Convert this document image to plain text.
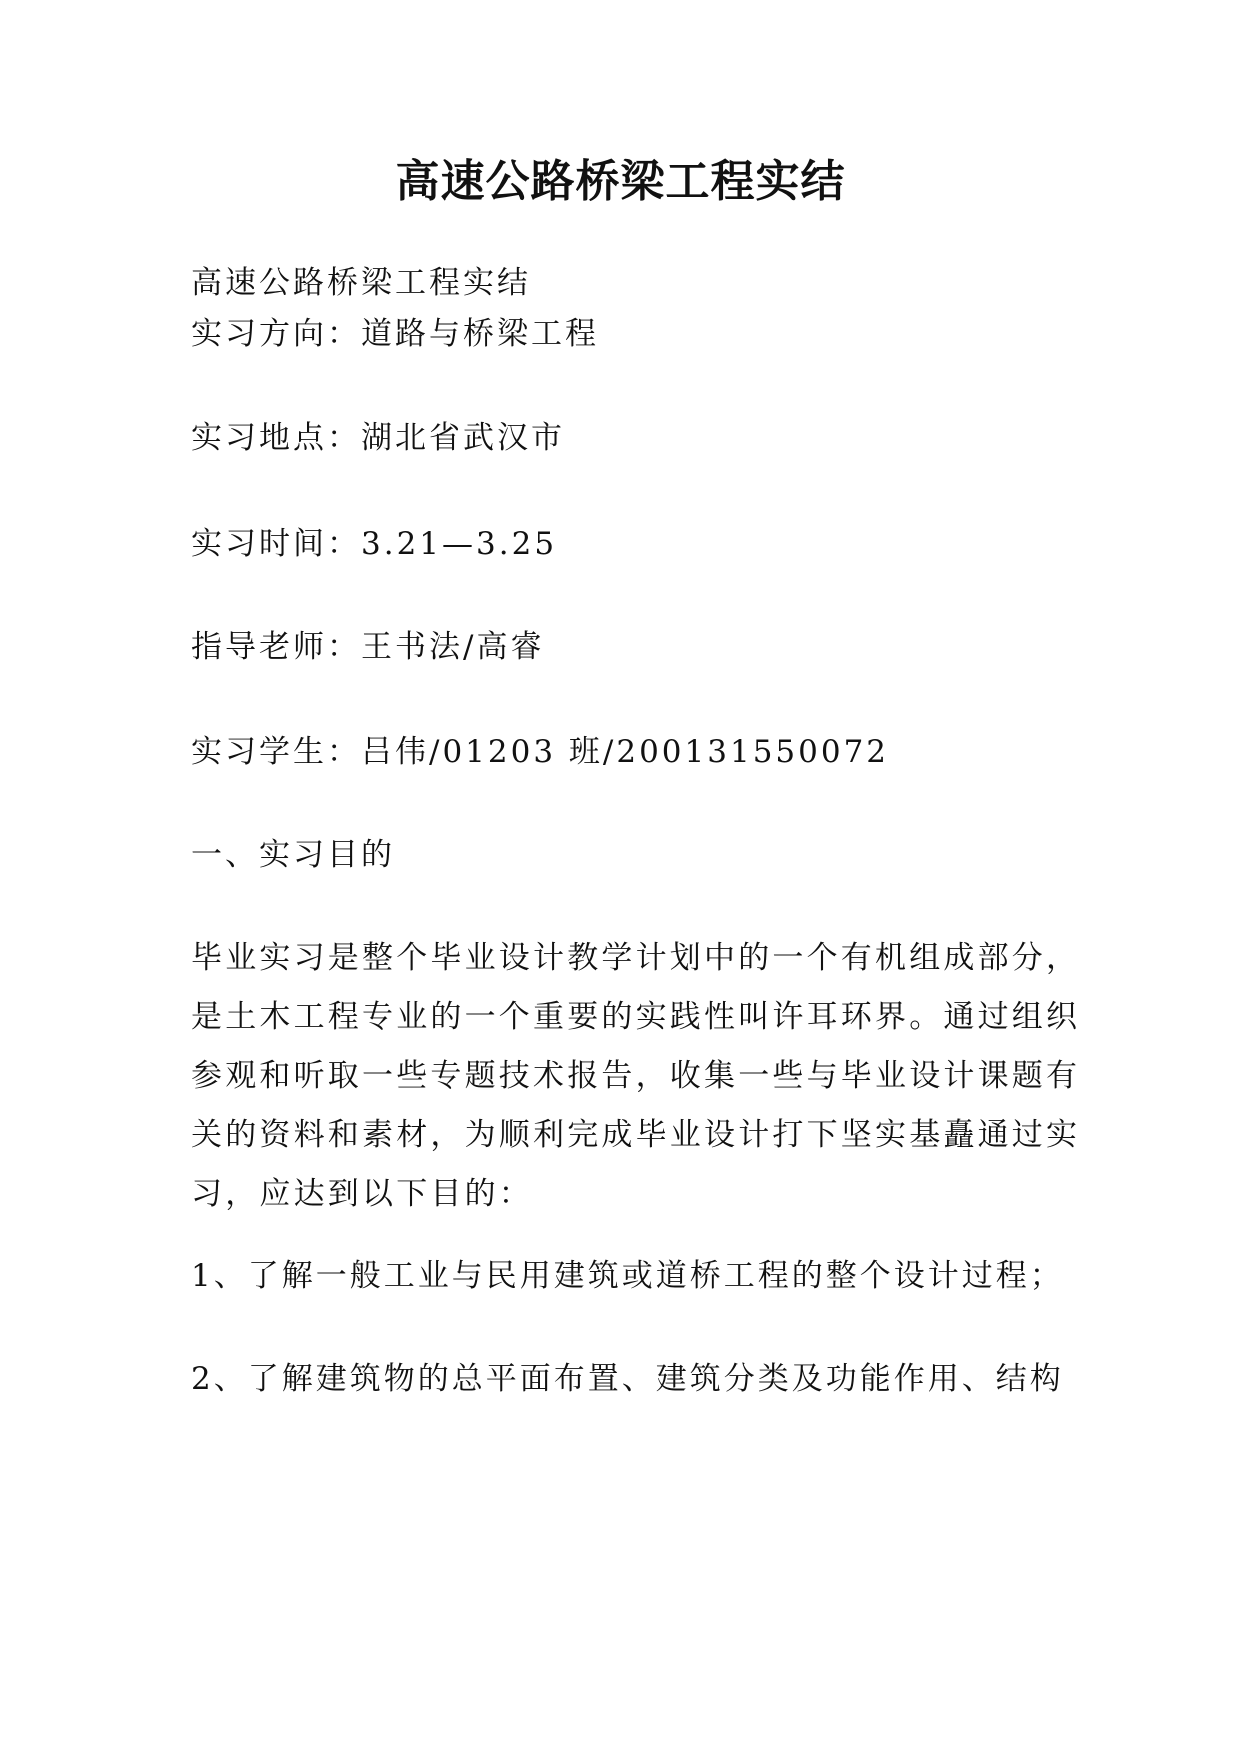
高速公路桥梁工程实结
高速公路桥梁工程实结
实习方向：道路与桥梁工程
实习地点：湖北省武汉市
实习时间：3.21—3.25
指导老师：王书法/高睿
实习学生：吕伟/01203 班/200131550072
一、实习目的
毕业实习是整个毕业设计教学计划中的一个有机组成部分，
是土木工程专业的一个重要的实践性叫许耳环界。通过组织
参观和听取一些专题技术报告，收集一些与毕业设计课题有
关的资料和素材，为顺利完成毕业设计打下坚实基矗通过实
习，应达到以下目的：
1、了解一般工业与民用建筑或道桥工程的整个设计过程；
2、了解建筑物的总平面布置、建筑分类及功能作用、结构
